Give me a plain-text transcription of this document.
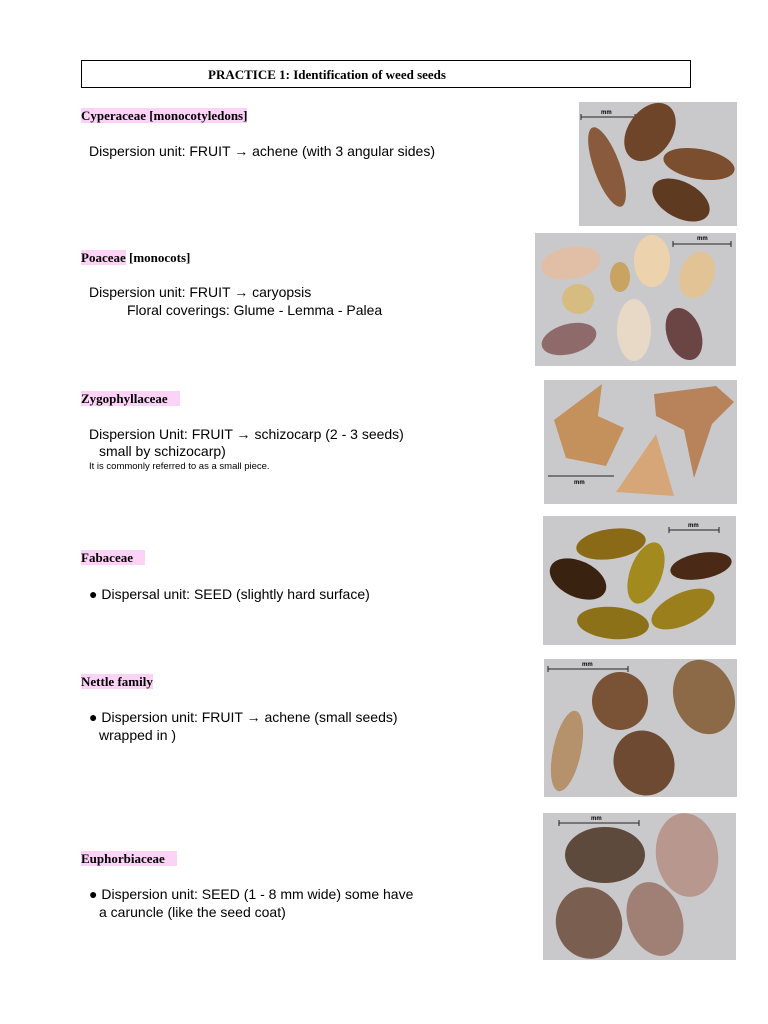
PRACTICE 1: Identification of weed seeds
Cyperaceae [monocotyledons]
Dispersion unit: FRUIT → achene (with 3 angular sides)
mm
Poaceae [monocots]
Dispersion unit: FRUIT → caryopsis
Floral coverings: Glume - Lemma - Palea
mm
Zygophyllaceae
Dispersion Unit: FRUIT → schizocarp (2 - 3 seeds)
small by schizocarp)
It is commonly referred to as a small piece.
mm
Fabaceae
● Dispersal unit: SEED (slightly hard surface)
mm
Nettle family
● Dispersion unit: FRUIT → achene (small seeds)
wrapped in )
mm
Euphorbiaceae
● Dispersion unit: SEED (1 - 8 mm wide) some have
a caruncle (like the seed coat)
mm
